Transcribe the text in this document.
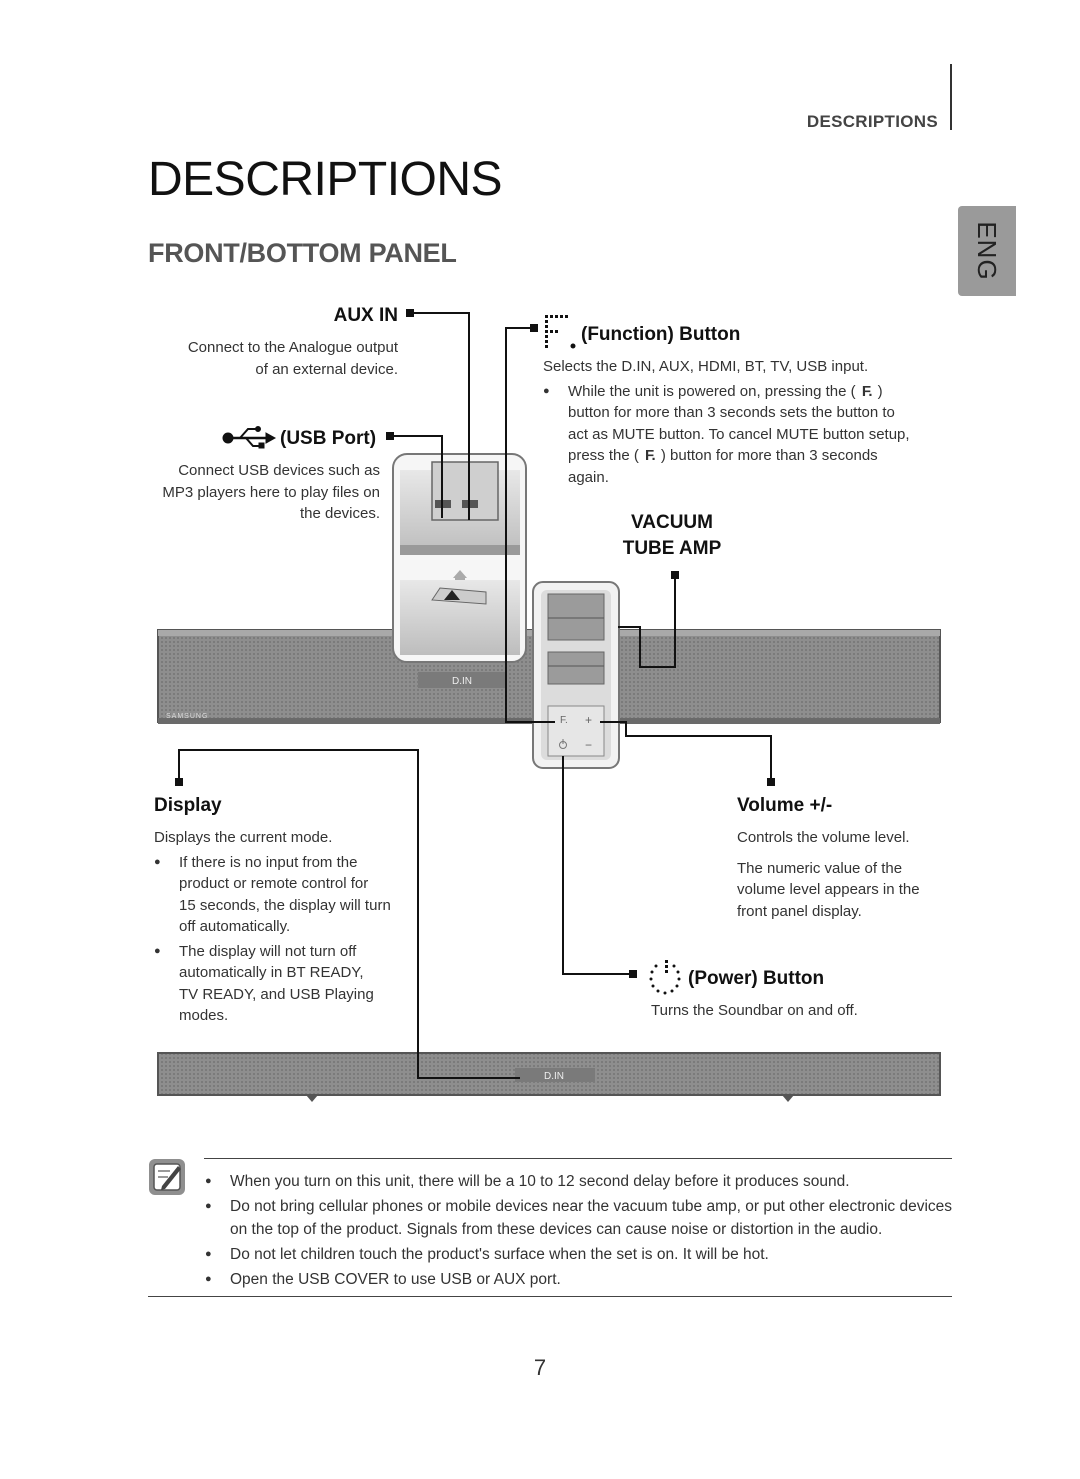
DESCRIPTIONS
ENG
DESCRIPTIONS
FRONT/BOTTOM PANEL
D.IN
SAMSUNG	F. +
−
D.IN
AUX IN
Connect to the Analogue output
of an external device.
(USB Port)
Connect USB devices such as
MP3 players here to play files on
the devices.
(Function) Button
Selects the D.IN, AUX, HDMI, BT, TV, USB input.
● While the unit is powered on, pressing the ( F. )
button for more than 3 seconds sets the button to
act as MUTE button. To cancel MUTE button setup,
press the ( F. ) button for more than 3 seconds
again.
VACUUM
TUBE AMP
Display
Displays the current mode.
● If there is no input from the
product or remote control for
15 seconds, the display will turn
off automatically.
● The display will not turn off
automatically in BT READY,
TV READY, and USB Playing
modes.
Volume +/-
Controls the volume level.
The numeric value of the
volume level appears in the
front panel display.
(Power) Button
Turns the Soundbar on and off.
● When you turn on this unit, there will be a 10 to 12 second delay before it produces sound.
● Do not bring cellular phones or mobile devices near the vacuum tube amp, or put other electronic devices on the top of the product. Signals from these devices can cause noise or distortion in the audio.
● Do not let children touch the product's surface when the set is on. It will be hot.
● Open the USB COVER to use USB or AUX port.
7
